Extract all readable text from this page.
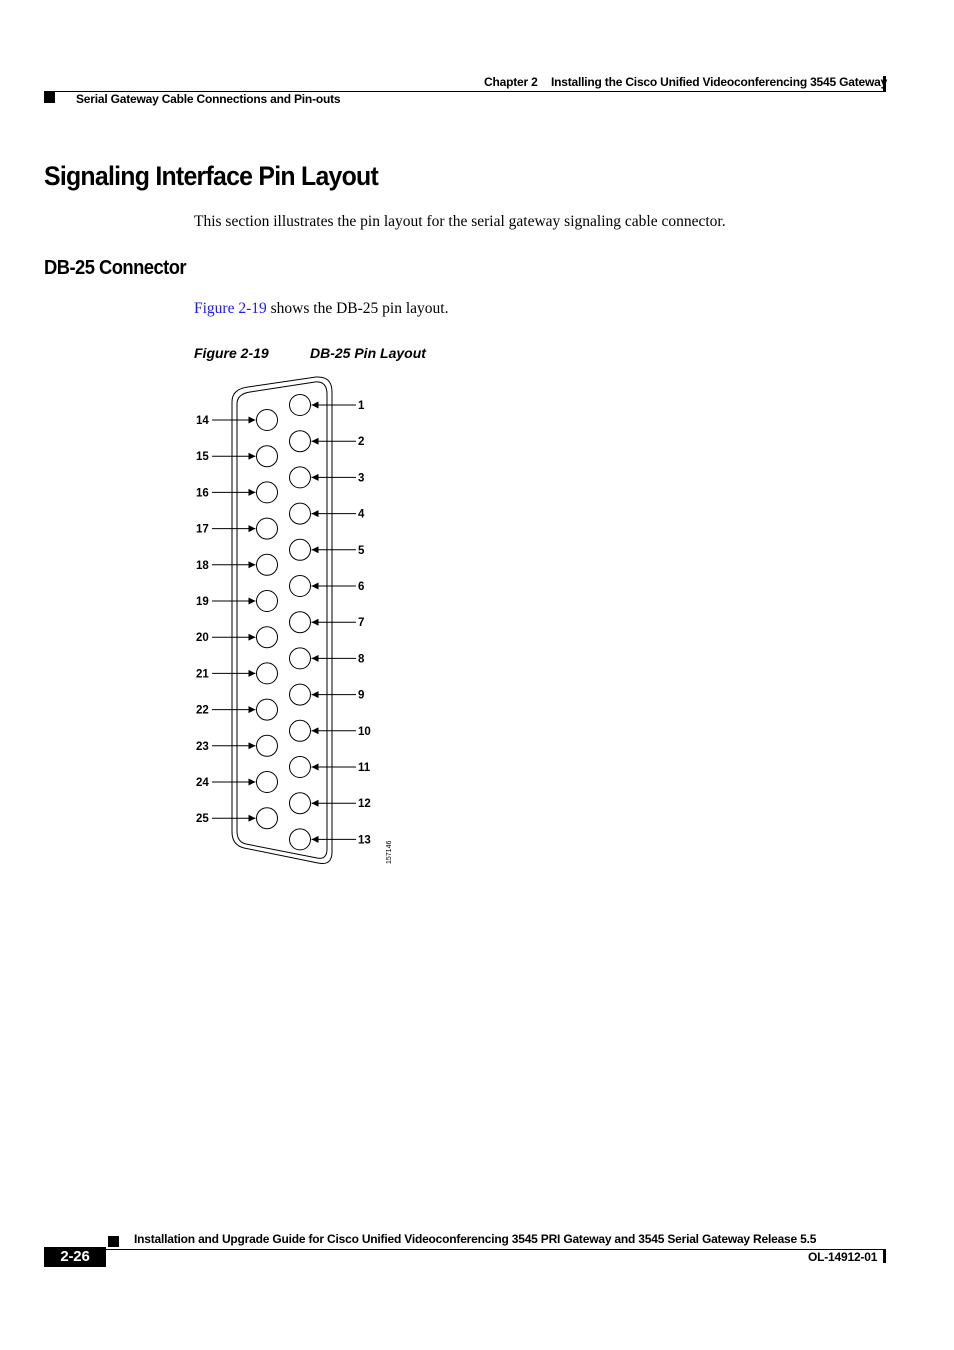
Chapter 2 Installing the Cisco Unified Videoconferencing 3545 Gateway
Serial Gateway Cable Connections and Pin-outs
Signaling Interface Pin Layout
This section illustrates the pin layout for the serial gateway signaling cable connector.
DB-25 Connector
Figure 2-19 shows the DB-25 pin layout.
Figure 2-19	DB-25 Pin Layout
1
2
3
4
5
6
7
8
9
10
11
12
13
14
15
16
17
18
19
20
21
22
23
24
25
157146
Installation and Upgrade Guide for Cisco Unified Videoconferencing 3545 PRI Gateway and 3545 Serial Gateway Release 5.5
2-26	OL-14912-01
